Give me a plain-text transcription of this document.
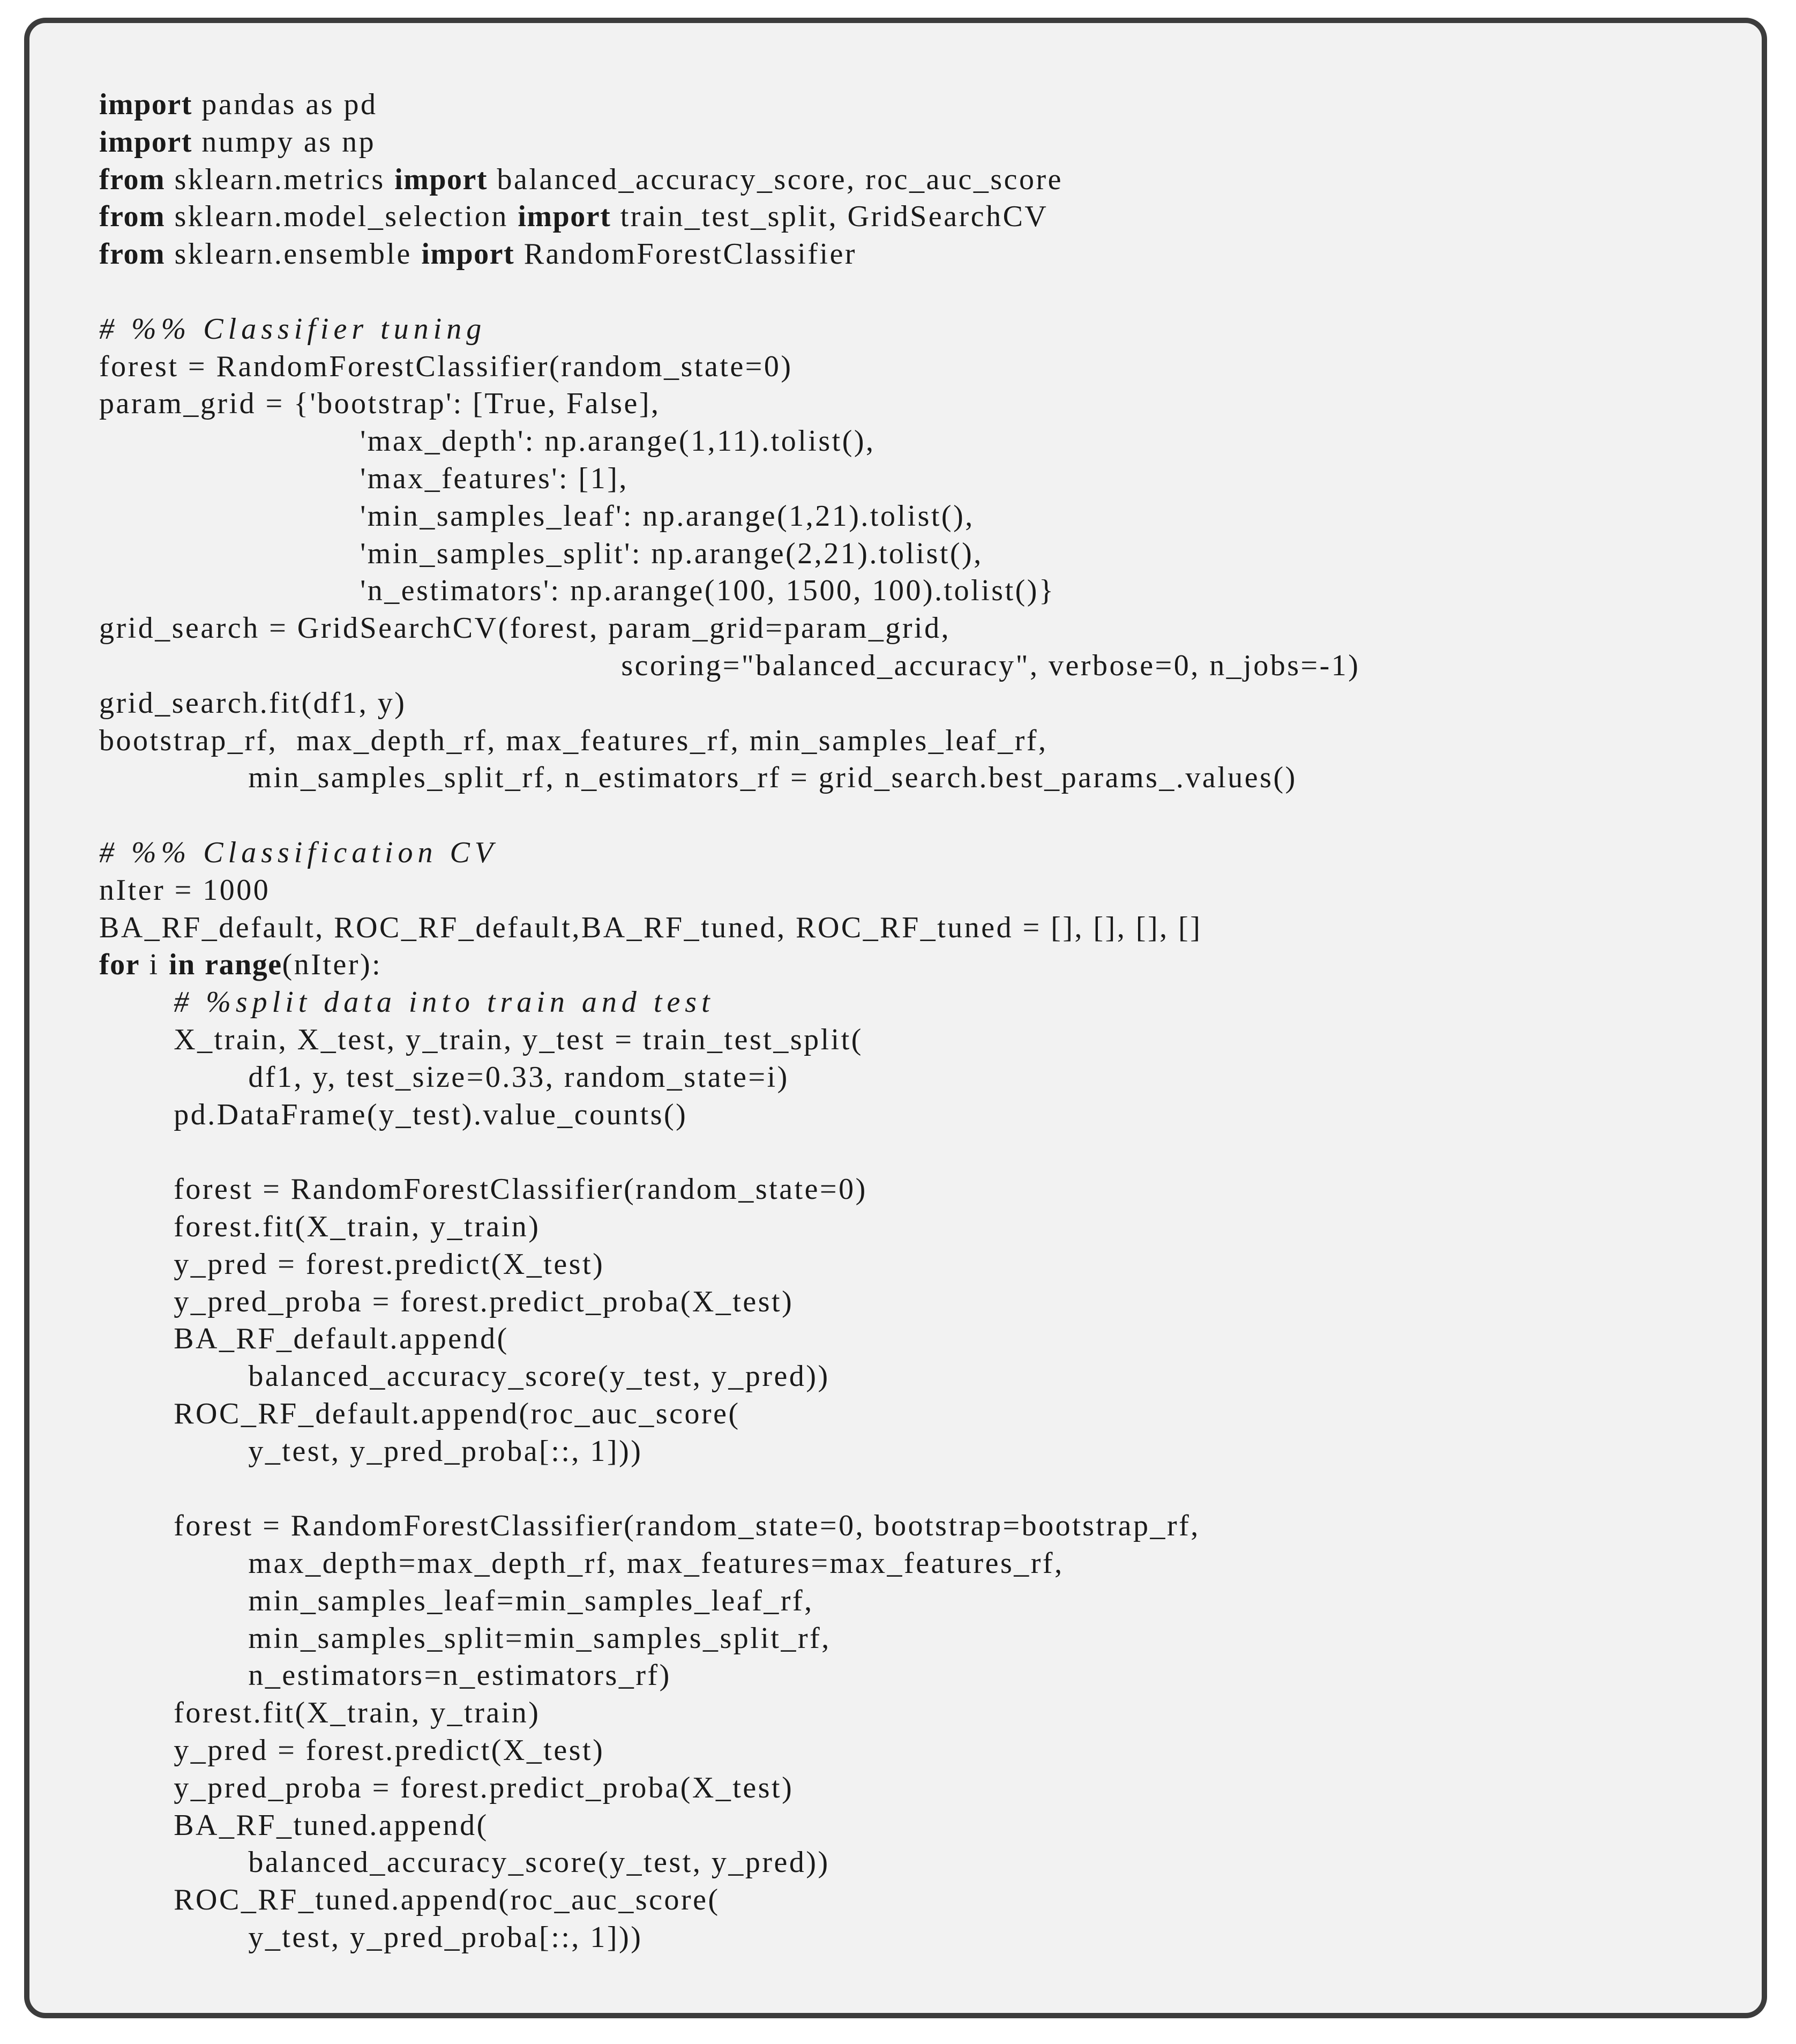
import pandas as pd
import numpy as np
from sklearn.metrics import balanced_accuracy_score, roc_auc_score
from sklearn.model_selection import train_test_split, GridSearchCV
from sklearn.ensemble import RandomForestClassifier
# %% Classifier tuning
forest = RandomForestClassifier(random_state=0)
param_grid = {'bootstrap': [True, False],
'max_depth': np.arange(1,11).tolist(),
'max_features': [1],
'min_samples_leaf': np.arange(1,21).tolist(),
'min_samples_split': np.arange(2,21).tolist(),
'n_estimators': np.arange(100, 1500, 100).tolist()}
grid_search = GridSearchCV(forest, param_grid=param_grid,
scoring="balanced_accuracy", verbose=0, n_jobs=-1)
grid_search.fit(df1, y)
bootstrap_rf,  max_depth_rf, max_features_rf, min_samples_leaf_rf,
min_samples_split_rf, n_estimators_rf = grid_search.best_params_.values()
# %% Classification CV
nIter = 1000
BA_RF_default, ROC_RF_default,BA_RF_tuned, ROC_RF_tuned = [], [], [], []
for i in range(nIter):
# %split data into train and test
X_train, X_test, y_train, y_test = train_test_split(
df1, y, test_size=0.33, random_state=i)
pd.DataFrame(y_test).value_counts()
forest = RandomForestClassifier(random_state=0)
forest.fit(X_train, y_train)
y_pred = forest.predict(X_test)
y_pred_proba = forest.predict_proba(X_test)
BA_RF_default.append(
balanced_accuracy_score(y_test, y_pred))
ROC_RF_default.append(roc_auc_score(
y_test, y_pred_proba[::, 1]))
forest = RandomForestClassifier(random_state=0, bootstrap=bootstrap_rf,
max_depth=max_depth_rf, max_features=max_features_rf,
min_samples_leaf=min_samples_leaf_rf,
min_samples_split=min_samples_split_rf,
n_estimators=n_estimators_rf)
forest.fit(X_train, y_train)
y_pred = forest.predict(X_test)
y_pred_proba = forest.predict_proba(X_test)
BA_RF_tuned.append(
balanced_accuracy_score(y_test, y_pred))
ROC_RF_tuned.append(roc_auc_score(
y_test, y_pred_proba[::, 1]))
